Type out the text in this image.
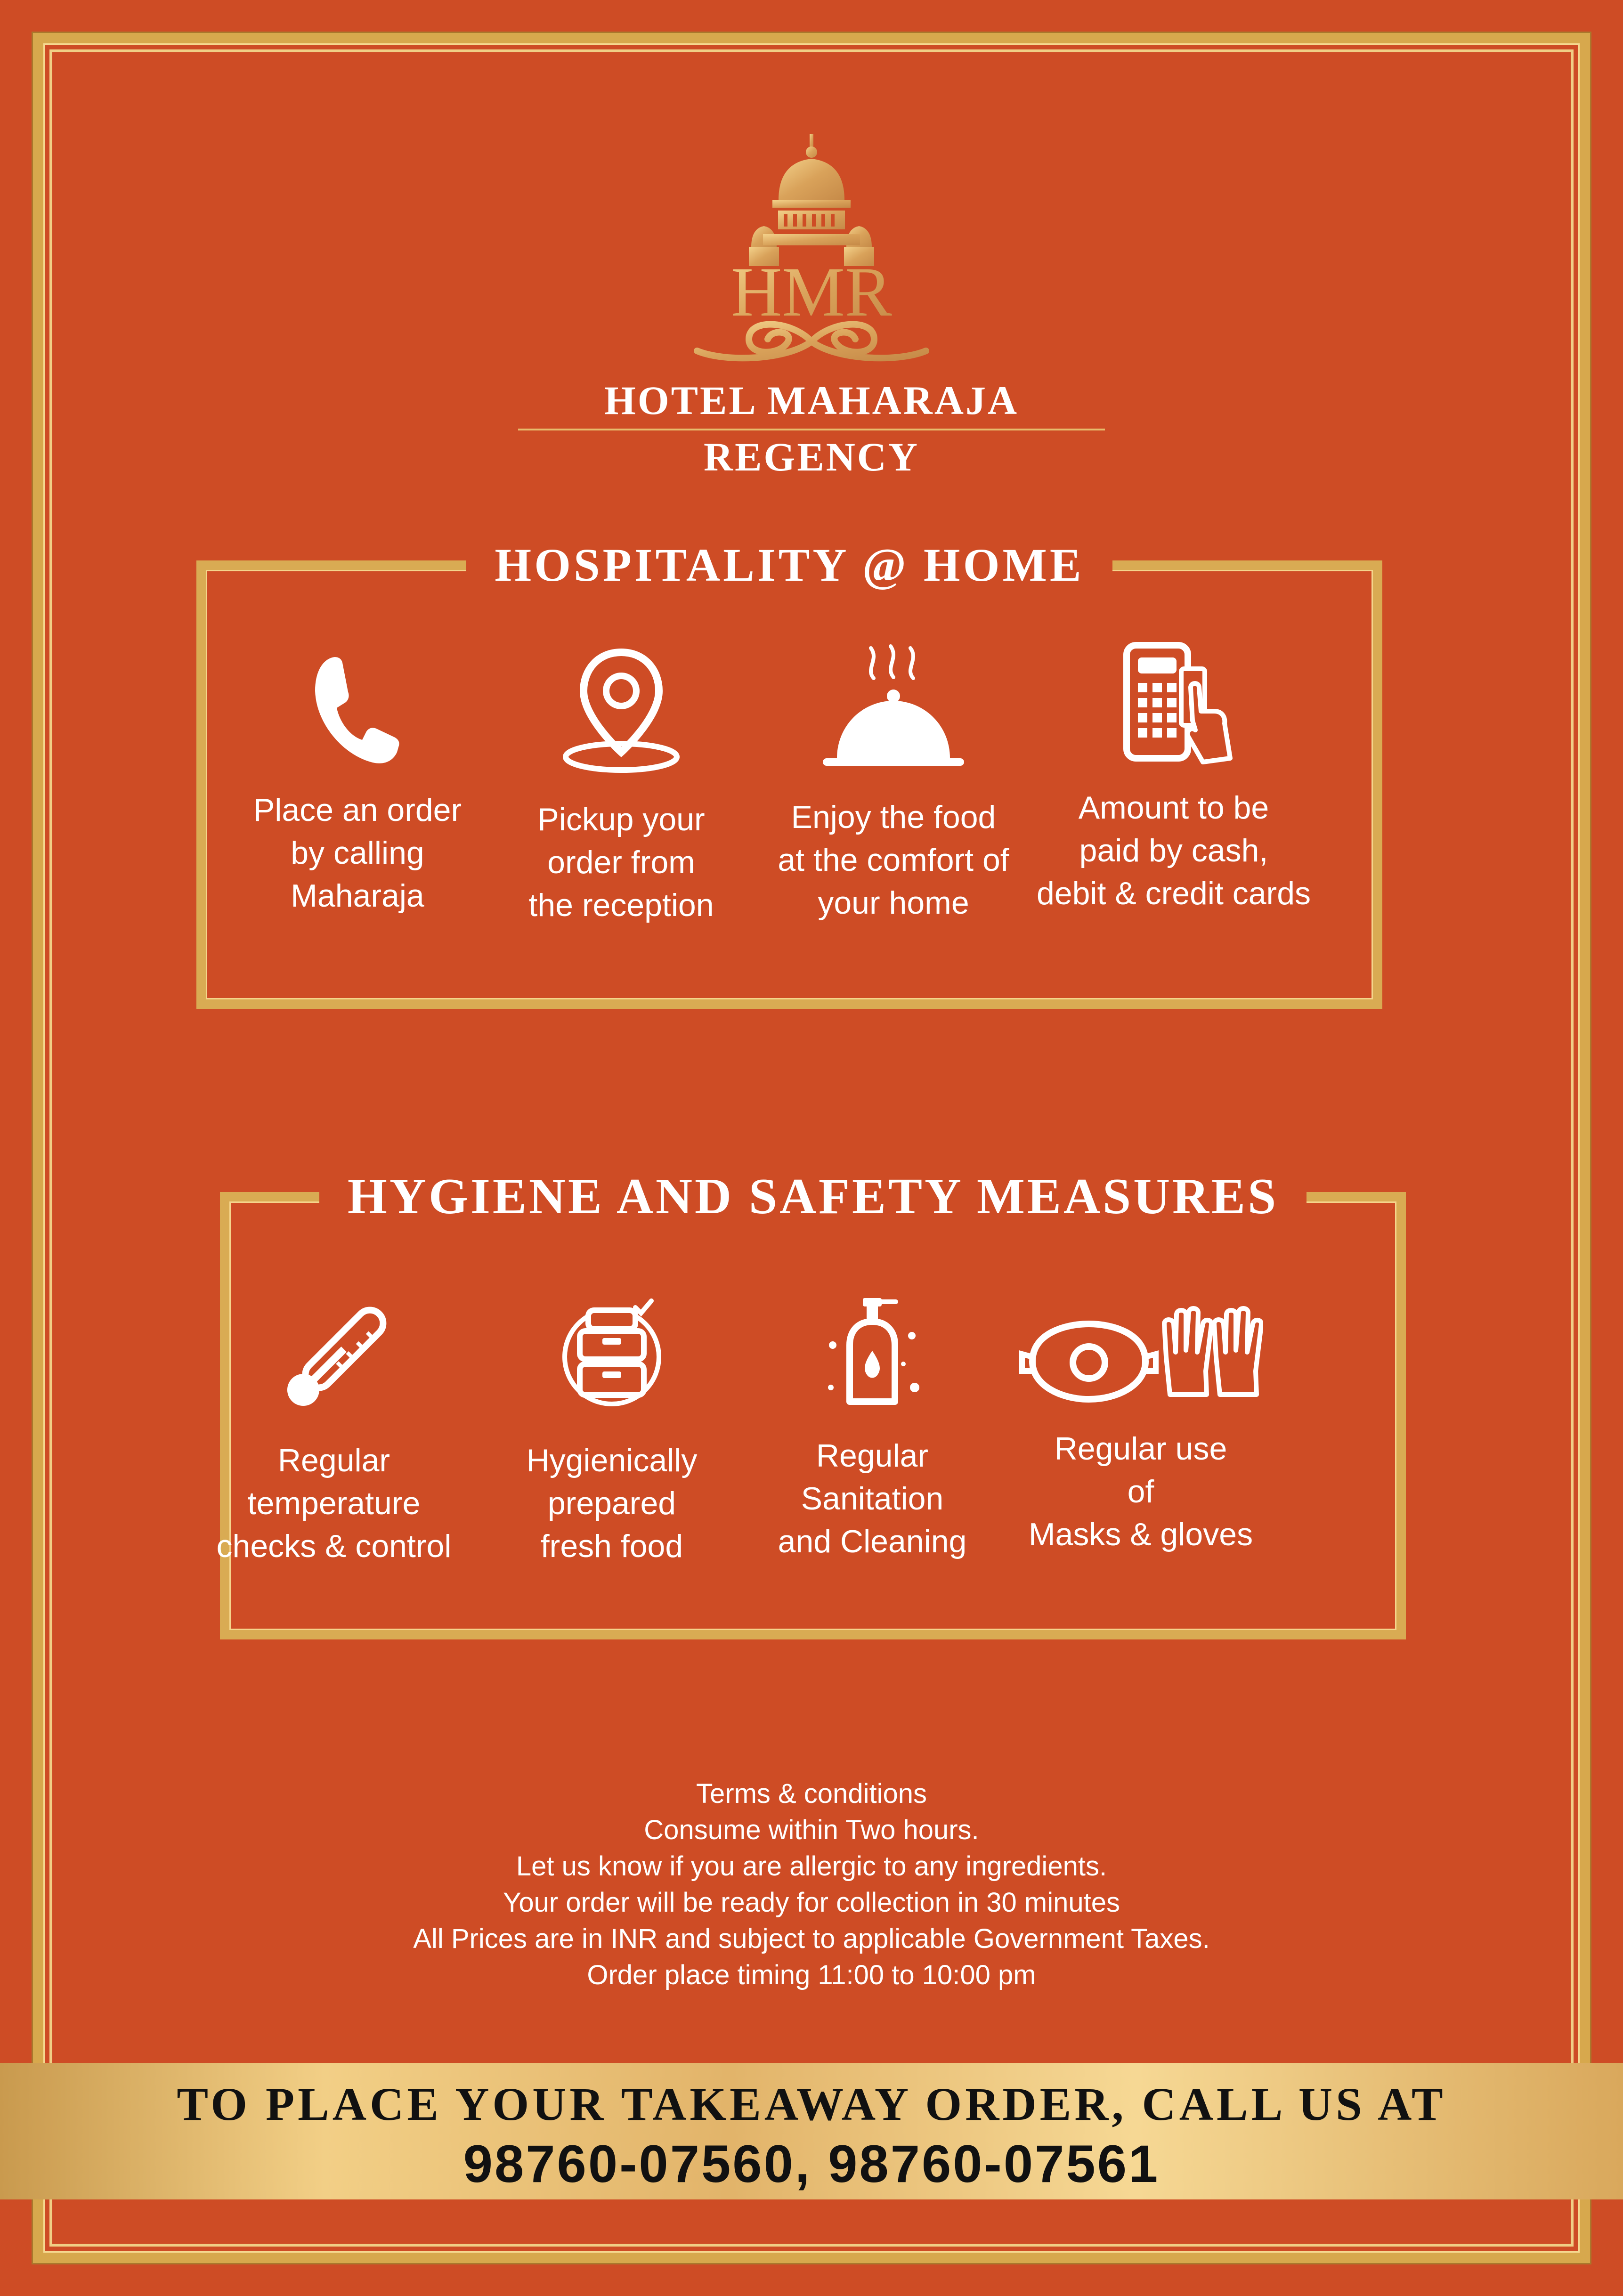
HMR
HOTEL MAHARAJA REGENCY
HOSPITALITY @ HOME
Place an order
by calling
Maharaja
Pickup your
order from
the reception
Enjoy the food
at the comfort of
your home
Amount to be
paid by cash,
debit & credit cards
HYGIENE AND SAFETY MEASURES
Regular
temperature
checks & control
Hygienically
prepared
fresh food
Regular
Sanitation
and Cleaning
Regular use
of
Masks & gloves
Terms & conditions
Consume within Two hours.
Let us know if you are allergic to any ingredients.
Your order will be ready for collection in 30 minutes
All Prices are in INR and subject to applicable Government Taxes.
Order place timing 11:00 to 10:00 pm
TO PLACE YOUR TAKEAWAY ORDER, CALL US AT
98760-07560, 98760-07561
